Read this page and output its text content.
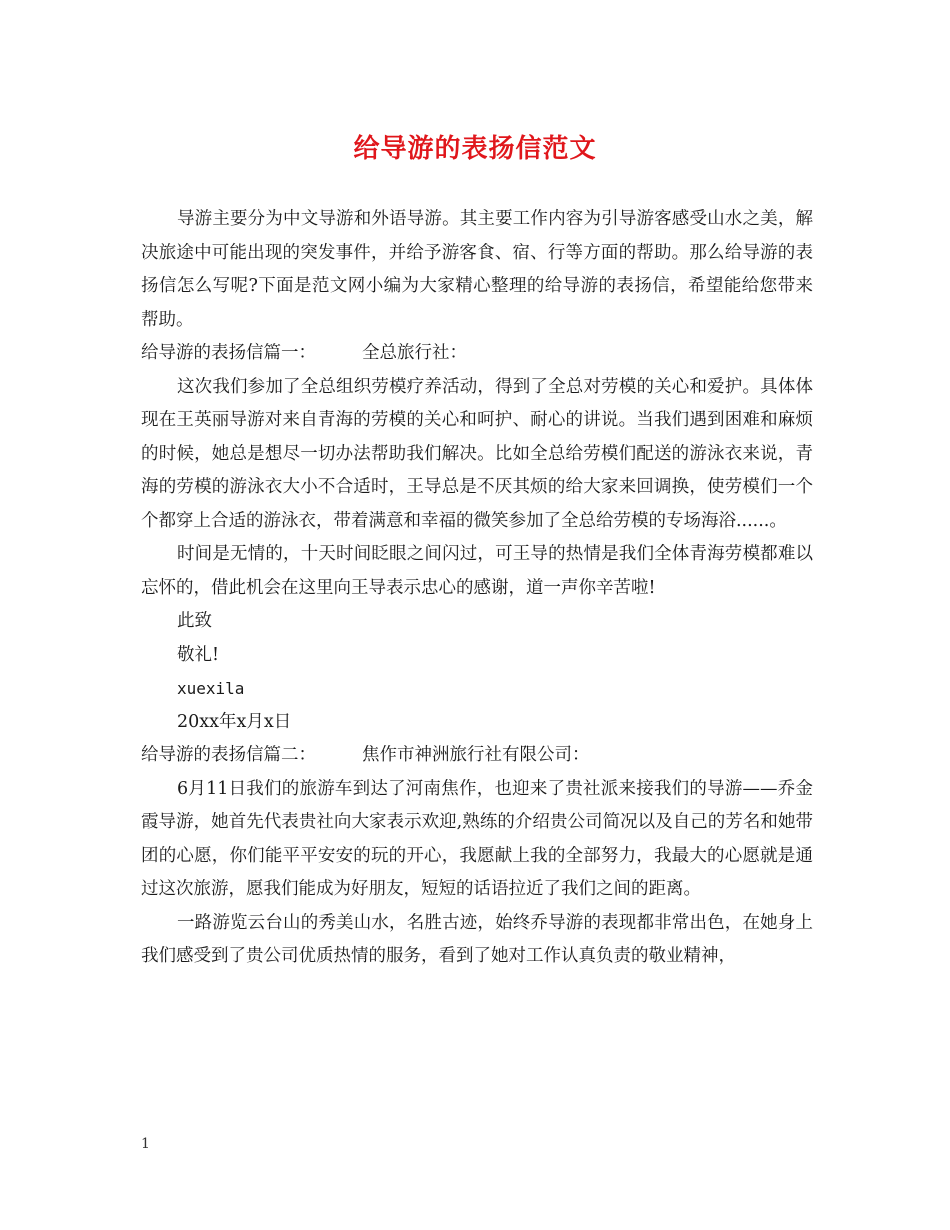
给导游的表扬信范文

导游主要分为中文导游和外语导游。其主要工作内容为引导游客感受山水之美，解决旅途中可能出现的突发事件，并给予游客食、宿、行等方面的帮助。那么给导游的表扬信怎么写呢?下面是范文网小编为大家精心整理的给导游的表扬信，希望能给您带来帮助。

给导游的表扬信篇一：	全总旅行社：

这次我们参加了全总组织劳模疗养活动，得到了全总对劳模的关心和爱护。具体体现在王英丽导游对来自青海的劳模的关心和呵护、耐心的讲说。当我们遇到困难和麻烦的时候，她总是想尽一切办法帮助我们解决。比如全总给劳模们配送的游泳衣来说，青海的劳模的游泳衣大小不合适时，王导总是不厌其烦的给大家来回调换，使劳模们一个个都穿上合适的游泳衣，带着满意和幸福的微笑参加了全总给劳模的专场海浴......。

时间是无情的，十天时间眨眼之间闪过，可王导的热情是我们全体青海劳模都难以忘怀的，借此机会在这里向王导表示忠心的感谢，道一声你辛苦啦!

此致

敬礼!

xuexila

20xx年x月x日

给导游的表扬信篇二：	焦作市神洲旅行社有限公司：

6月11日我们的旅游车到达了河南焦作，也迎来了贵社派来接我们的导游——乔金霞导游，她首先代表贵社向大家表示欢迎,熟练的介绍贵公司简况以及自己的芳名和她带团的心愿，你们能平平安安的玩的开心，我愿献上我的全部努力，我最大的心愿就是通过这次旅游，愿我们能成为好朋友，短短的话语拉近了我们之间的距离。

一路游览云台山的秀美山水，名胜古迹，始终乔导游的表现都非常出色，在她身上我们感受到了贵公司优质热情的服务，看到了她对工作认真负责的敬业精神，

1
